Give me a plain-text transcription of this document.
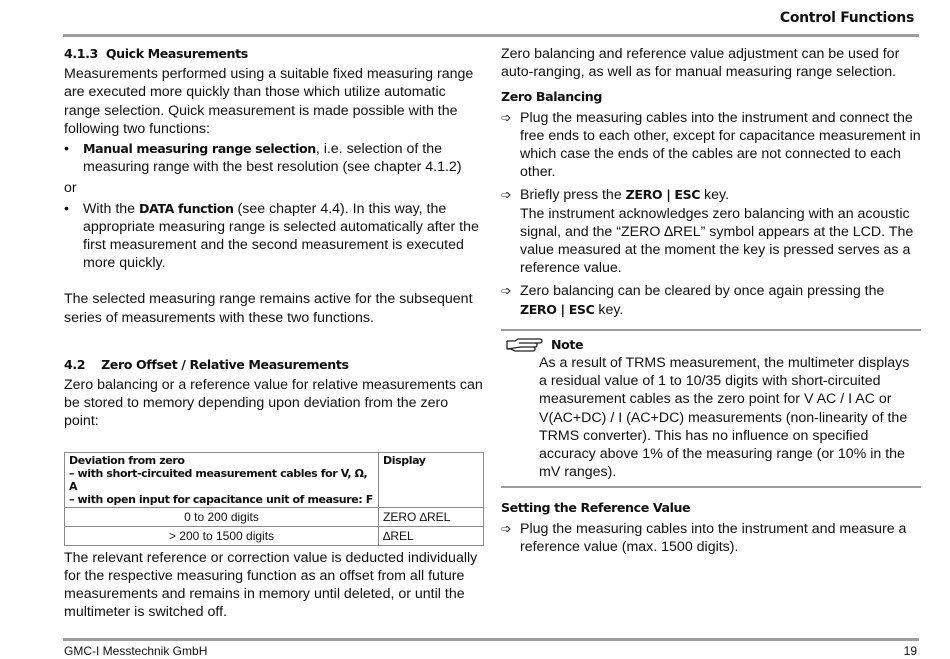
Control Functions
4.1.3 Quick Measurements

Measurements performed using a suitable fixed measuring range are executed more quickly than those which utilize automatic range selection. Quick measurement is made possible with the following two functions:

•	Manual measuring range selection, i.e. selection of the measuring range with the best resolution (see chapter 4.1.2)

or

• With the DATA function (see chapter 4.4). In this way, the appropriate measuring range is selected automatically after the first measurement and the second measurement is executed more quickly.

The selected measuring range remains active for the subsequent series of measurements with these two functions.

4.2 Zero Offset / Relative Measurements

Zero balancing or a reference value for relative measurements can be stored to memory depending upon deviation from the zero point:

Deviation from zero
– with short-circuited measurement cables for V, Ω, A
– with open input for capacitance unit of measure: F	Display
0 to 200 digits	ZERO ∆REL
> 200 to 1500 digits	∆REL

The relevant reference or correction value is deducted individually for the respective measuring function as an offset from all future measurements and remains in memory until deleted, or until the multimeter is switched off.

Zero balancing and reference value adjustment can be used for auto-ranging, as well as for manual measuring range selection.

Zero Balancing
➩ Plug the measuring cables into the instrument and connect the free ends to each other, except for capacitance measurement in which case the ends of the cables are not connected to each other.
➩ Briefly press the ZERO | ESC key.
The instrument acknowledges zero balancing with an acoustic signal, and the “ZERO ∆REL” symbol appears at the LCD. The value measured at the moment the key is pressed serves as a reference value.
➩ Zero balancing can be cleared by once again pressing the ZERO | ESC key.
Note

As a result of TRMS measurement, the multimeter displays a residual value of 1 to 10/35 digits with short-circuited measurement cables as the zero point for V AC / I AC or V(AC+DC) / I (AC+DC) measurements (non-linearity of the TRMS converter). This has no influence on specified accuracy above 1% of the measuring range (or 10% in the mV ranges).

Setting the Reference Value
➩ Plug the measuring cables into the instrument and measure a reference value (max. 1500 digits).
GMC-I Messtechnik GmbH	19
